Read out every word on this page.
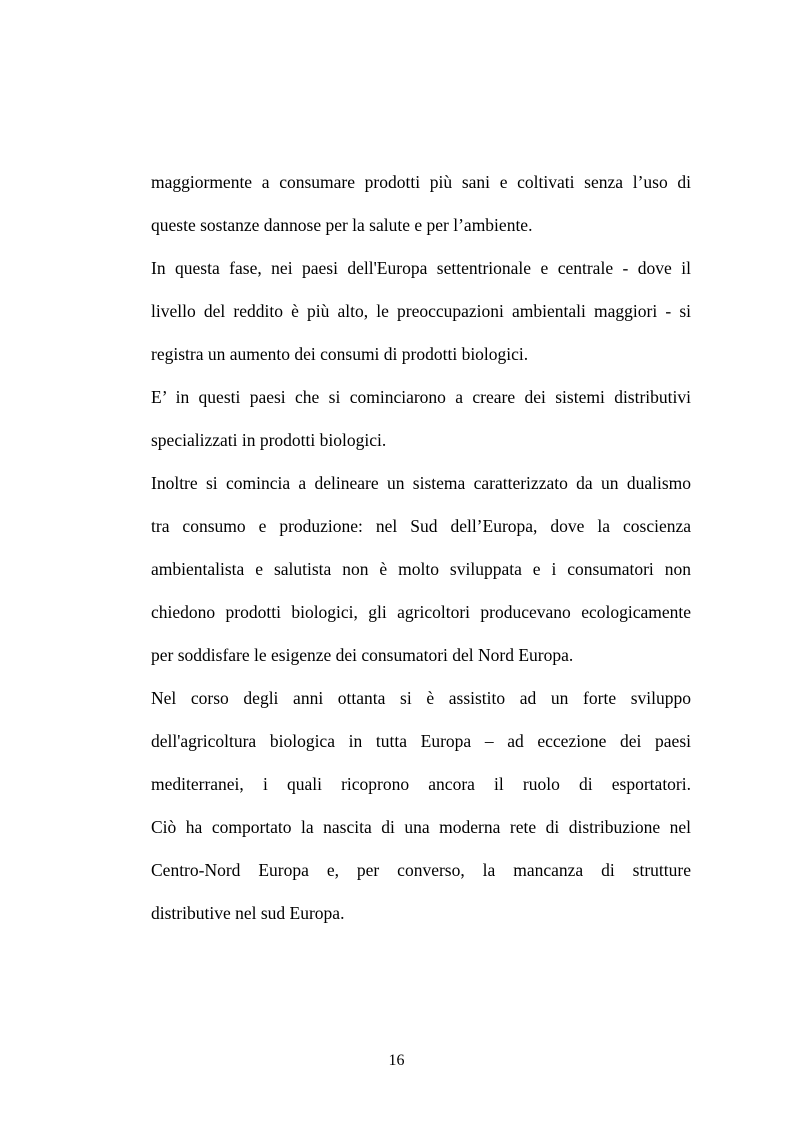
maggiormente a consumare prodotti più sani e coltivati senza l’uso di
queste sostanze dannose per la salute e per l’ambiente.
In questa fase, nei paesi dell'Europa settentrionale e centrale - dove il
livello del reddito è più alto, le preoccupazioni ambientali maggiori - si
registra un aumento dei consumi di prodotti biologici.
E’ in questi paesi che si cominciarono a creare dei sistemi distributivi
specializzati in prodotti biologici.
Inoltre si comincia a delineare un sistema caratterizzato da un dualismo
tra consumo e produzione: nel Sud dell’Europa, dove la coscienza
ambientalista e salutista non è molto sviluppata e i consumatori non
chiedono prodotti biologici, gli agricoltori producevano ecologicamente
per soddisfare le esigenze dei consumatori del Nord Europa.
Nel corso degli anni ottanta si è assistito ad un forte sviluppo
dell'agricoltura biologica in tutta Europa – ad eccezione dei paesi
mediterranei, i quali ricoprono ancora il ruolo di esportatori.
Ciò ha comportato la nascita di una moderna rete di distribuzione nel
Centro-Nord Europa e, per converso, la mancanza di strutture
distributive nel sud Europa.
16
